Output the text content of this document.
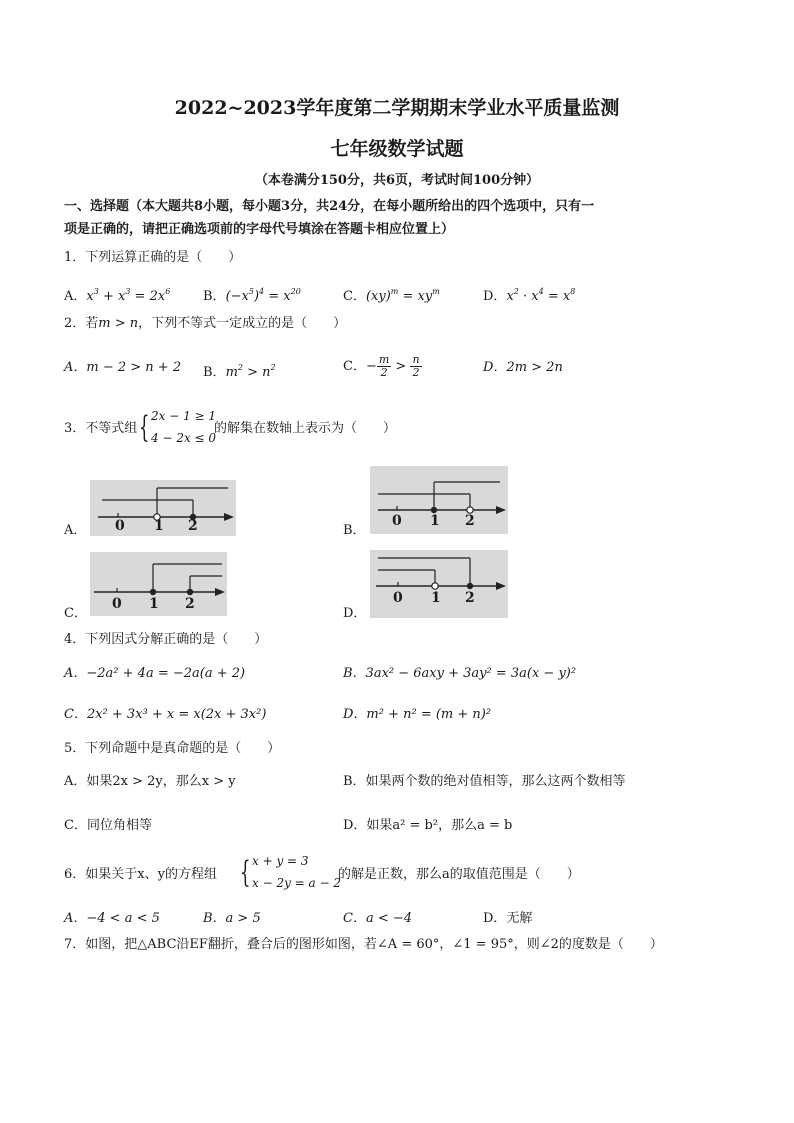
2022~2023学年度第二学期期末学业水平质量监测
七年级数学试题
（本卷满分150分，共6页，考试时间100分钟）
一、选择题（本大题共8小题，每小题3分，共24分，在每小题所给出的四个选项中，只有一
项是正确的，请把正确选项前的字母代号填涂在答题卡相应位置上）
1．下列运算正确的是（　　）
A．$x^3 + x^3 = 2x^6$	B．$(-x^5)^4 = x^{20}$	C．$(xy)^m = xy^m$	D．$x^2 \cdot x^4 = x^8$
2．若m > n，下列不等式一定成立的是（　　）
A．m − 2 > n + 2 B．$m^2 > n^2$	C．− $\frac{m}{2} > \frac{n}{2}$	D．2m > 2n
3．不等式组 { 2x − 1 ≥ 1
4 − 2x ≤ 0
的解集在数轴上表示为（　　）
A． 0 1 2	B．
0 1 2
C．
0 1 2
D．
0 1 2
4．下列因式分解正确的是（　　）
A．−2a² + 4a = −2a(a + 2)	B．3ax² − 6axy + 3ay² = 3a(x − y)²
C．2x² + 3x³ + x = x(2x + 3x²)	D．m² + n² = (m + n)²
5．下列命题中是真命题的是（　　）
A．如果2x > 2y，那么x > y	B．如果两个数的绝对值相等，那么这两个数相等
C．同位角相等	D．如果a² = b²，那么a = b
6．如果关于x、y的方程组 { x + y = 3
x − 2y = a − 2
的解是正数，那么a的取值范围是（　　）
A．−4 < a < 5	B．a > 5	C．a < −4	D．无解
7．如图，把△ABC沿EF翻折，叠合后的图形如图，若∠A = 60°，∠1 = 95°，则∠2的度数是（　　）
